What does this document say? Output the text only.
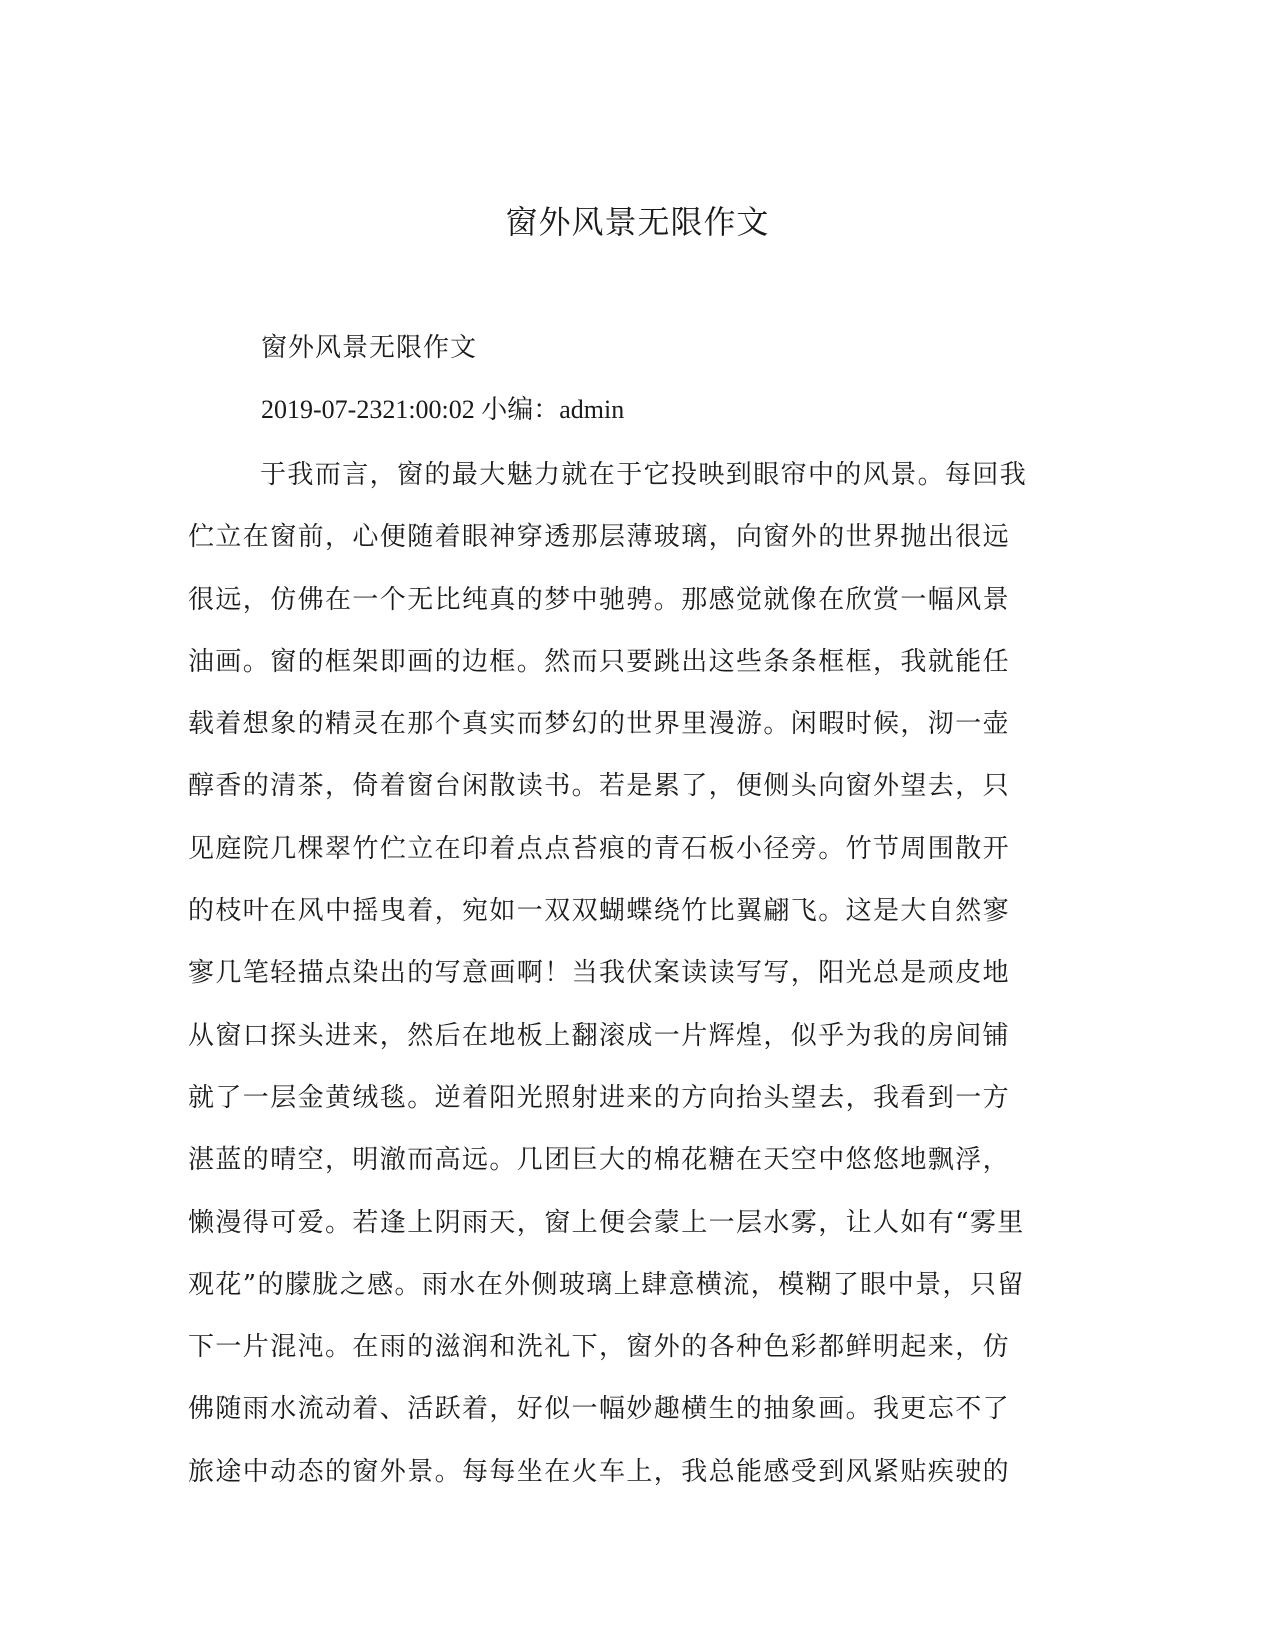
窗外风景无限作文
窗外风景无限作文
2019-07-2321:00:02 小编：admin
于我而言，窗的最大魅力就在于它投映到眼帘中的风景。每回我
伫立在窗前，心便随着眼神穿透那层薄玻璃，向窗外的世界抛出很远
很远，仿佛在一个无比纯真的梦中驰骋。那感觉就像在欣赏一幅风景
油画。窗的框架即画的边框。然而只要跳出这些条条框框，我就能任
载着想象的精灵在那个真实而梦幻的世界里漫游。闲暇时候，沏一壶
醇香的清茶，倚着窗台闲散读书。若是累了，便侧头向窗外望去，只
见庭院几棵翠竹伫立在印着点点苔痕的青石板小径旁。竹节周围散开
的枝叶在风中摇曳着，宛如一双双蝴蝶绕竹比翼翩飞。这是大自然寥
寥几笔轻描点染出的写意画啊！当我伏案读读写写，阳光总是顽皮地
从窗口探头进来，然后在地板上翻滚成一片辉煌，似乎为我的房间铺
就了一层金黄绒毯。逆着阳光照射进来的方向抬头望去，我看到一方
湛蓝的晴空，明澈而高远。几团巨大的棉花糖在天空中悠悠地飘浮，
懒漫得可爱。若逢上阴雨天，窗上便会蒙上一层水雾，让人如有“雾里
观花”的朦胧之感。雨水在外侧玻璃上肆意横流，模糊了眼中景，只留
下一片混沌。在雨的滋润和洗礼下，窗外的各种色彩都鲜明起来，仿
佛随雨水流动着、活跃着，好似一幅妙趣横生的抽象画。我更忘不了
旅途中动态的窗外景。每每坐在火车上，我总能感受到风紧贴疾驶的
